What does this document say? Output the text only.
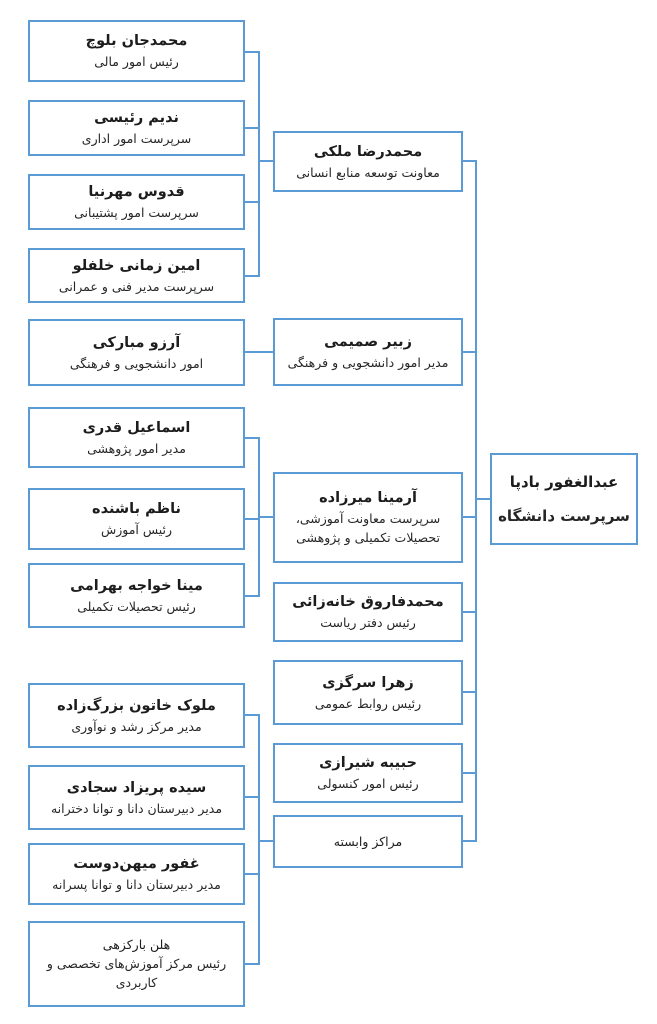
عبدالغفور بادپا
سرپرست دانشگاه
محمدرضا ملکی
معاونت توسعه منابع انسانی
زبیر صمیمی
مدیر امور دانشجویی و فرهنگی
آرمینا میرزاده
سرپرست معاونت آموزشی،
تحصیلات تکمیلی و پژوهشی
محمدفاروق خانه‌زائی
رئیس دفتر ریاست
زهرا سرگزی
رئیس روابط عمومی
حبیبه شیرازی
رئیس امور کنسولی
مراکز وابسته
محمدجان بلوچ
رئیس امور مالی
ندیم رئیسی
سرپرست امور اداری
قدوس مهرنیا
سرپرست امور پشتیبانی
امین زمانی خلفلو
سرپرست مدیر فنی و عمرانی
آرزو مبارکی
امور دانشجویی و فرهنگی
اسماعیل قدری
مدیر امور پژوهشی
ناظم باشنده
رئیس آموزش
مینا خواجه بهرامی
رئیس تحصیلات تکمیلی
ملوک خاتون بزرگ‌زاده
مدیر مرکز رشد و نوآوری
سیده پریزاد سجادی
مدیر دبیرستان دانا و توانا دخترانه
غفور میهن‌دوست
مدیر دبیرستان دانا و توانا پسرانه
هلن بارکزهی
رئیس مرکز آموزش‌های تخصصی و
کاربردی
